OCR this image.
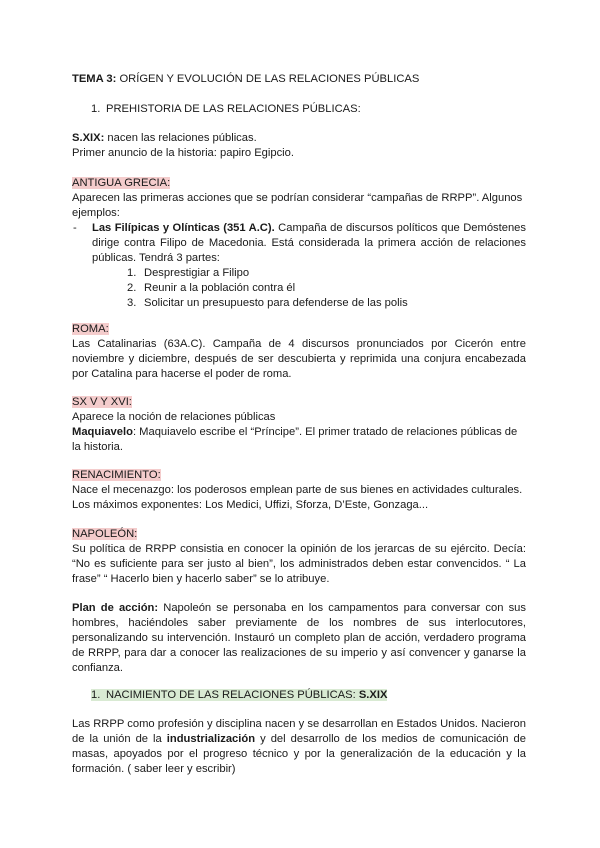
TEMA 3: ORÍGEN Y EVOLUCIÓN DE LAS RELACIONES PÚBLICAS

1. PREHISTORIA DE LAS RELACIONES PÚBLICAS:

S.XIX: nacen las relaciones públicas.

Primer anuncio de la historia: papiro Egipcio.

ANTIGUA GRECIA:

Aparecen las primeras acciones que se podrían considerar “campañas de RRPP”. Algunos ejemplos:

-	Las Filípicas y Olínticas (351 A.C). Campaña de discursos políticos que Demóstenes dirige contra Filipo de Macedonia. Está considerada la primera acción de relaciones públicas. Tendrá 3 partes:

1. Desprestigiar a Filipo
2. Reunir a la población contra él
3. Solicitar un presupuesto para defenderse de las polis

ROMA:

Las Catalinarias (63A.C). Campaña de 4 discursos pronunciados por Cicerón entre noviembre y diciembre, después de ser descubierta y reprimida una conjura encabezada por Catalina para hacerse el poder de roma.

SX V Y XVI:

Aparece la noción de relaciones públicas

Maquiavelo: Maquiavelo escribe el “Príncipe”. El primer tratado de relaciones públicas de la historia.

RENACIMIENTO:

Nace el mecenazgo: los poderosos emplean parte de sus bienes en actividades culturales. Los máximos exponentes: Los Medici, Uffizi, Sforza, D’Este, Gonzaga...

NAPOLEÓN:

Su política de RRPP consistia en conocer la opinión de los jerarcas de su ejército. Decía: “No es suficiente para ser justo al bien”, los administrados deben estar convencidos. “ La frase” “ Hacerlo bien y hacerlo saber” se lo atribuye.

Plan de acción: Napoleón se personaba en los campamentos para conversar con sus hombres, haciéndoles saber previamente de los nombres de sus interlocutores, personalizando su intervención. Instauró un completo plan de acción, verdadero programa de RRPP, para dar a conocer las realizaciones de su imperio y así convencer y ganarse la confianza.

1. NACIMIENTO DE LAS RELACIONES PÚBLICAS: S.XIX

Las RRPP como profesión y disciplina nacen y se desarrollan en Estados Unidos. Nacieron de la unión de la industrialización y del desarrollo de los medios de comunicación de masas, apoyados por el progreso técnico y por la generalización de la educación y la formación. ( saber leer y escribir)
